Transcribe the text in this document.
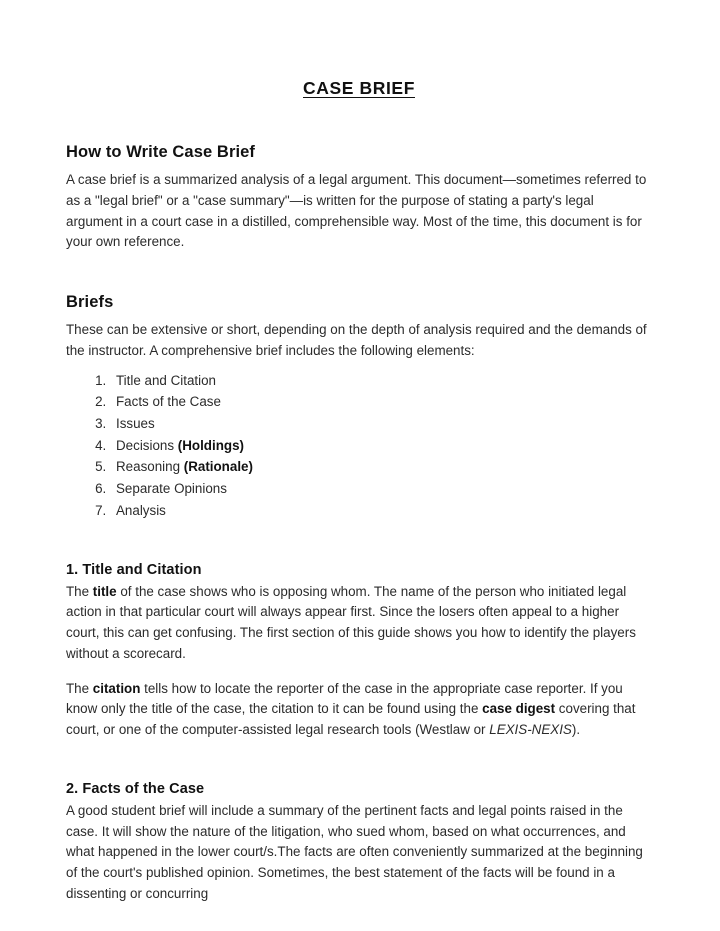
CASE BRIEF
How to Write Case Brief

A case brief is a summarized analysis of a legal argument. This document—sometimes referred to as a "legal brief" or a "case summary"—is written for the purpose of stating a party's legal argument in a court case in a distilled, comprehensible way. Most of the time, this document is for your own reference.

Briefs

These can be extensive or short, depending on the depth of analysis required and the demands of the instructor. A comprehensive brief includes the following elements:

1. Title and Citation
2. Facts of the Case
3. Issues
4. Decisions (Holdings)
5. Reasoning (Rationale)
6. Separate Opinions
7. Analysis
1. Title and Citation

The title of the case shows who is opposing whom. The name of the person who initiated legal action in that particular court will always appear first. Since the losers often appeal to a higher court, this can get confusing. The first section of this guide shows you how to identify the players without a scorecard.

The citation tells how to locate the reporter of the case in the appropriate case reporter. If you know only the title of the case, the citation to it can be found using the case digest covering that court, or one of the computer-assisted legal research tools (Westlaw or LEXIS-NEXIS).

2. Facts of the Case

A good student brief will include a summary of the pertinent facts and legal points raised in the case. It will show the nature of the litigation, who sued whom, based on what occurrences, and what happened in the lower court/s.The facts are often conveniently summarized at the beginning of the court's published opinion. Sometimes, the best statement of the facts will be found in a dissenting or concurring
